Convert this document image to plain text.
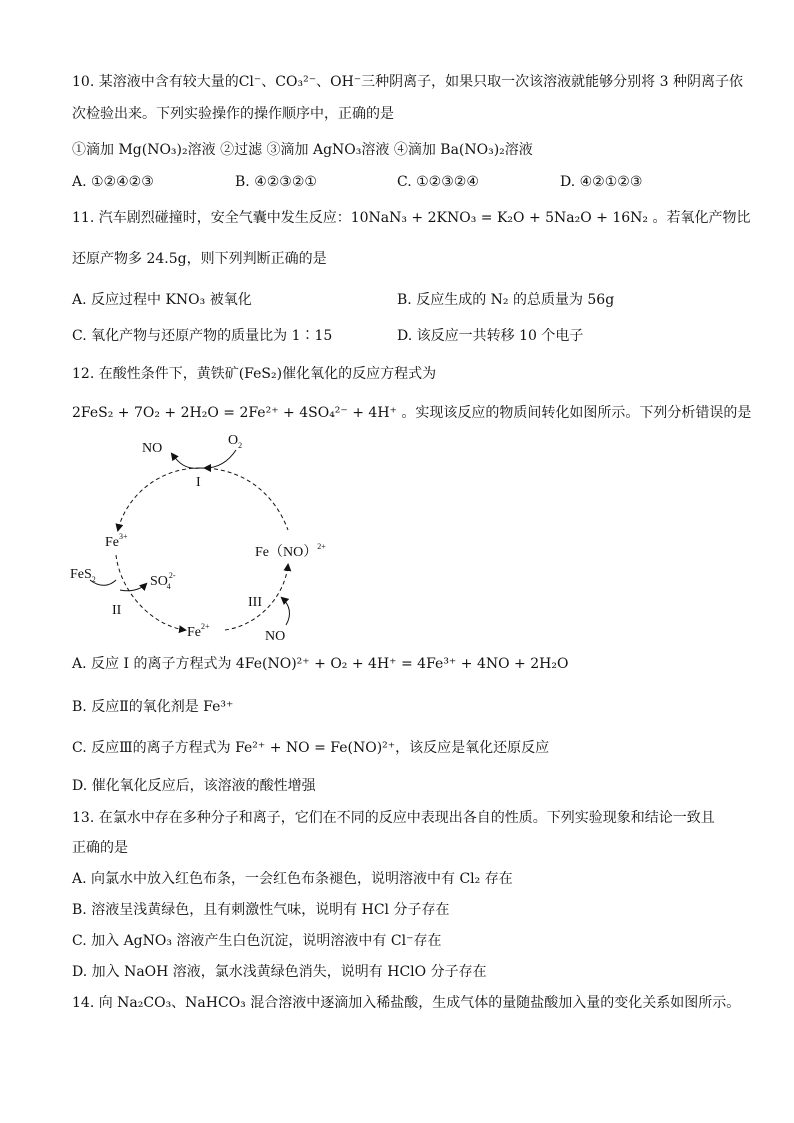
10. 某溶液中含有较大量的Cl⁻、CO₃²⁻、OH⁻三种阴离子，如果只取一次该溶液就能够分别将 3 种阴离子依
次检验出来。下列实验操作的操作顺序中，正确的是
①滴加 Mg(NO₃)₂溶液 ②过滤 ③滴加 AgNO₃溶液 ④滴加 Ba(NO₃)₂溶液
A. ①②④②③	B. ④②③②①	C. ①②③②④	D. ④②①②③
11. 汽车剧烈碰撞时，安全气囊中发生反应：10NaN₃ + 2KNO₃ = K₂O + 5Na₂O + 16N₂ 。若氧化产物比
还原产物多 24.5g，则下列判断正确的是
A. 反应过程中 KNO₃ 被氧化	B. 反应生成的 N₂ 的总质量为 56g
C. 氧化产物与还原产物的质量比为 1∶15	D. 该反应一共转移 10 个电子
12. 在酸性条件下，黄铁矿(FeS₂)催化氧化的反应方程式为
2FeS₂ + 7O₂ + 2H₂O = 2Fe²⁺ + 4SO₄²⁻ + 4H⁺ 。实现该反应的物质间转化如图所示。下列分析错误的是
NO
$O_2$
I
$Fe^{3+}$
FeS$_2$	$SO^{2-}4$
II
$Fe^{2+}$
Fe（NO）$^{2+}$
III
NO
A. 反应 I 的离子方程式为 4Fe(NO)²⁺ + O₂ + 4H⁺ = 4Fe³⁺ + 4NO + 2H₂O
B. 反应Ⅱ的氧化剂是 Fe³⁺
C. 反应Ⅲ的离子方程式为 Fe²⁺ + NO = Fe(NO)²⁺，该反应是氧化还原反应
D. 催化氧化反应后，该溶液的酸性增强
13. 在氯水中存在多种分子和离子，它们在不同的反应中表现出各自的性质。下列实验现象和结论一致且
正确的是
A. 向氯水中放入红色布条，一会红色布条褪色，说明溶液中有 Cl₂ 存在
B. 溶液呈浅黄绿色，且有刺激性气味，说明有 HCl 分子存在
C. 加入 AgNO₃ 溶液产生白色沉淀，说明溶液中有 Cl⁻存在
D. 加入 NaOH 溶液，氯水浅黄绿色消失，说明有 HClO 分子存在
14. 向 Na₂CO₃、NaHCO₃ 混合溶液中逐滴加入稀盐酸，生成气体的量随盐酸加入量的变化关系如图所示。
